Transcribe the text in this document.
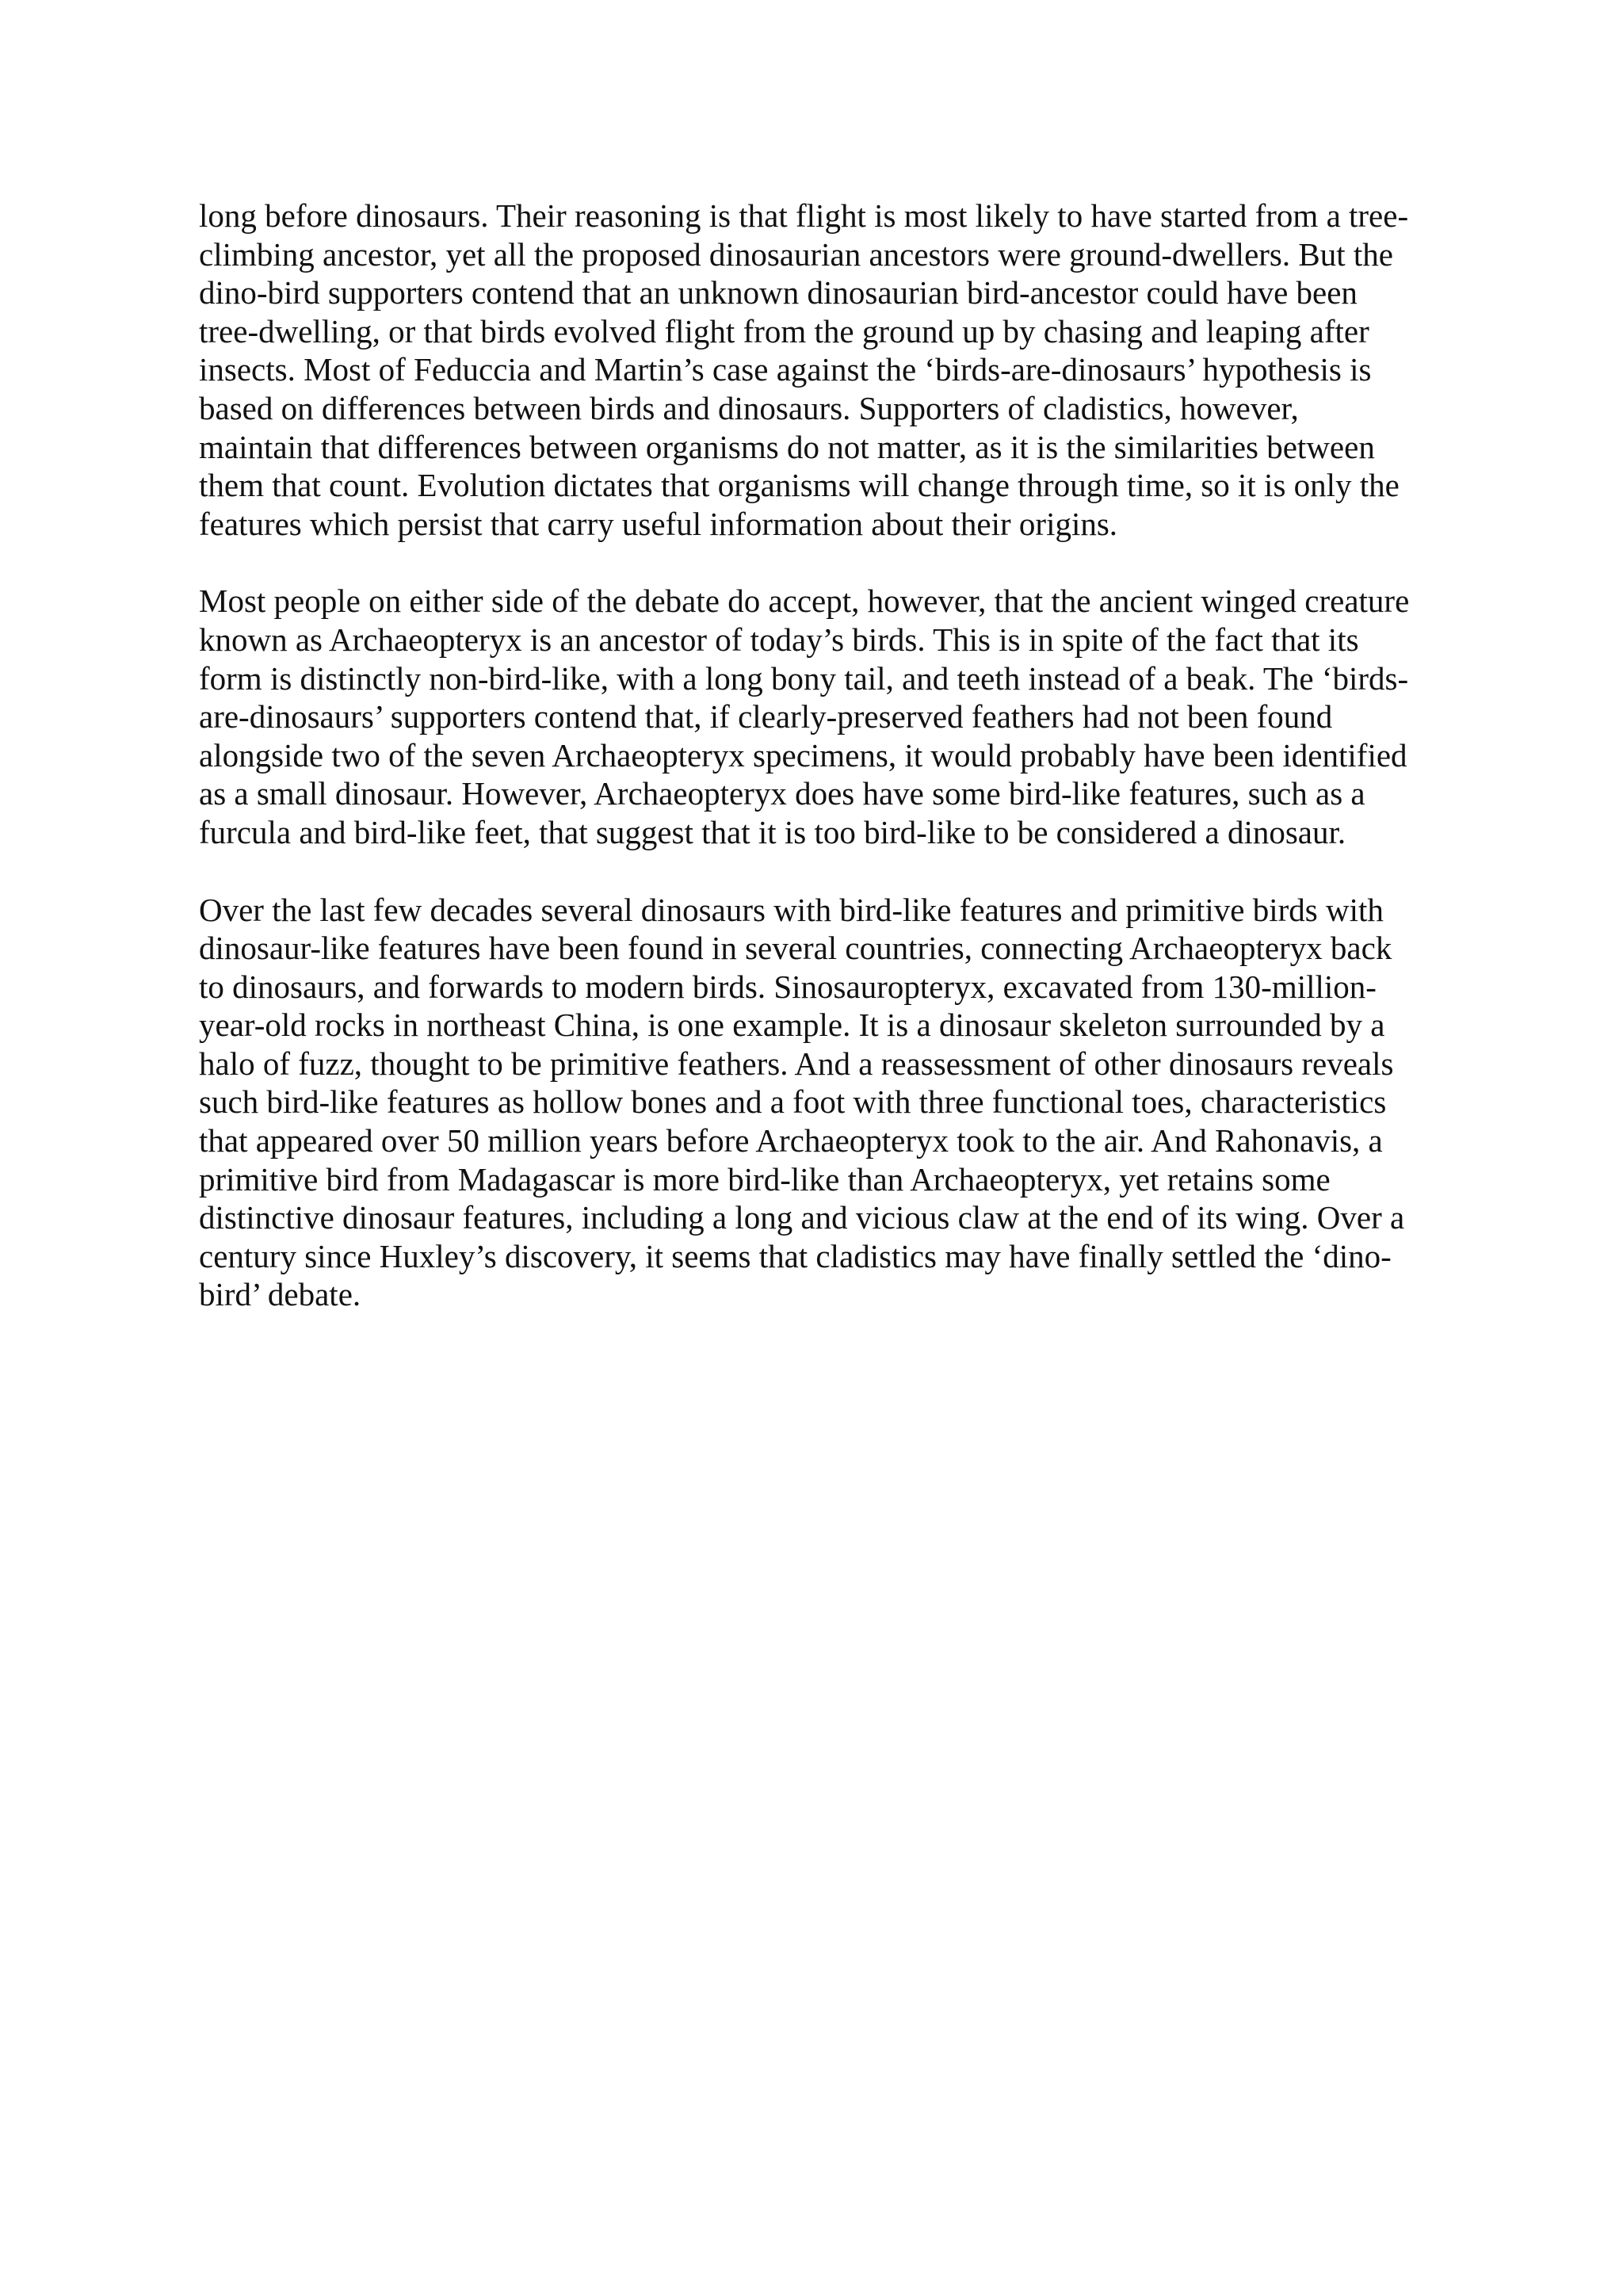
long before dinosaurs. Their reasoning is that flight is most likely to have started from a tree-
climbing ancestor, yet all the proposed dinosaurian ancestors were ground-dwellers. But the
dino-bird supporters contend that an unknown dinosaurian bird-ancestor could have been
tree-dwelling, or that birds evolved flight from the ground up by chasing and leaping after
insects. Most of Feduccia and Martin’s case against the ‘birds-are-dinosaurs’ hypothesis is
based on differences between birds and dinosaurs. Supporters of cladistics, however,
maintain that differences between organisms do not matter, as it is the similarities between
them that count. Evolution dictates that organisms will change through time, so it is only the
features which persist that carry useful information about their origins.

Most people on either side of the debate do accept, however, that the ancient winged creature
known as Archaeopteryx is an ancestor of today’s birds. This is in spite of the fact that its
form is distinctly non-bird-like, with a long bony tail, and teeth instead of a beak. The ‘birds-
are-dinosaurs’ supporters contend that, if clearly-preserved feathers had not been found
alongside two of the seven Archaeopteryx specimens, it would probably have been identified
as a small dinosaur. However, Archaeopteryx does have some bird-like features, such as a
furcula and bird-like feet, that suggest that it is too bird-like to be considered a dinosaur.

Over the last few decades several dinosaurs with bird-like features and primitive birds with
dinosaur-like features have been found in several countries, connecting Archaeopteryx back
to dinosaurs, and forwards to modern birds. Sinosauropteryx, excavated from 130-million-
year-old rocks in northeast China, is one example. It is a dinosaur skeleton surrounded by a
halo of fuzz, thought to be primitive feathers. And a reassessment of other dinosaurs reveals
such bird-like features as hollow bones and a foot with three functional toes, characteristics
that appeared over 50 million years before Archaeopteryx took to the air. And Rahonavis, a
primitive bird from Madagascar is more bird-like than Archaeopteryx, yet retains some
distinctive dinosaur features, including a long and vicious claw at the end of its wing. Over a
century since Huxley’s discovery, it seems that cladistics may have finally settled the ‘dino-
bird’ debate.
